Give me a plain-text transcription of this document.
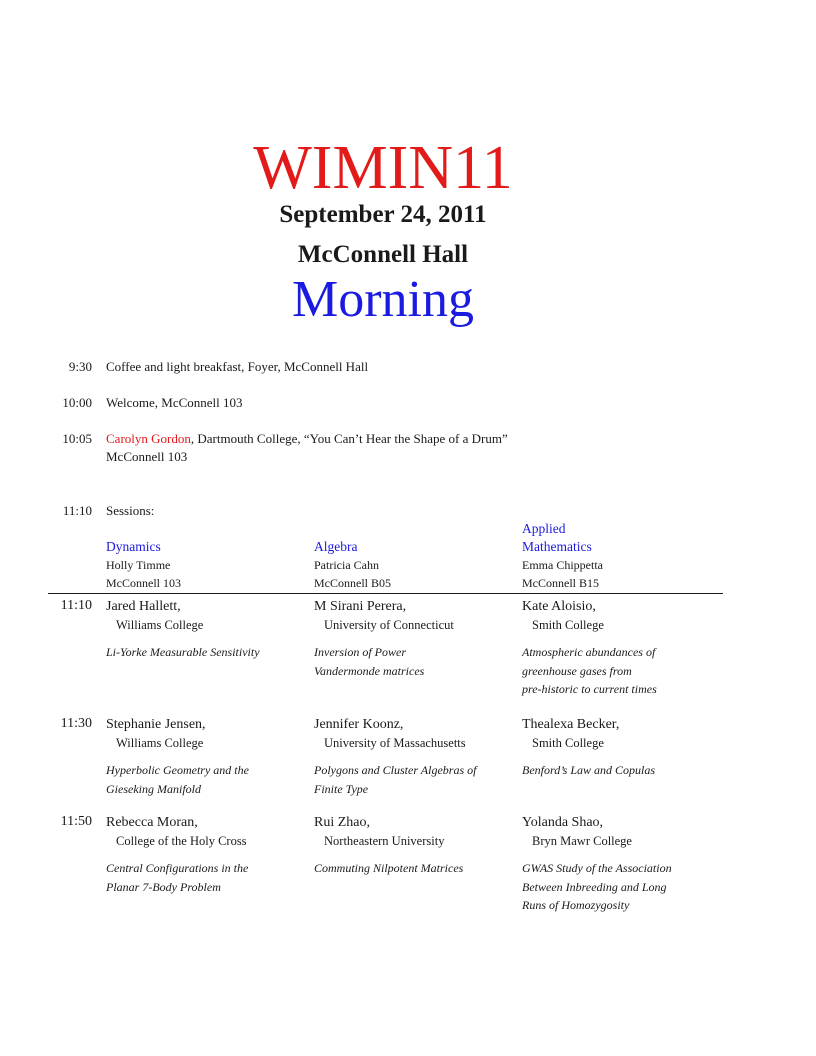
WIMIN11
September 24, 2011
McConnell Hall
Morning
9:30 Coffee and light breakfast, Foyer, McConnell Hall
10:00 Welcome, McConnell 103
10:05 Carolyn Gordon, Dartmouth College, “You Can’t Hear the Shape of a Drum”
McConnell 103
11:10 Sessions:

Dynamics
Holly Timme
McConnell 103

Algebra
Patricia Cahn
McConnell B05
Applied
Mathematics
Emma Chippetta
McConnell B15
11:10 Jared Hallett,
Williams College
Li-Yorke Measurable Sensitivity
M Sirani Perera,
University of Connecticut
Inversion of Power
Vandermonde matrices
Kate Aloisio,
Smith College
Atmospheric abundances of
greenhouse gases from
pre-historic to current times
11:30 Stephanie Jensen,
Williams College
Hyperbolic Geometry and the
Gieseking Manifold
Jennifer Koonz,
University of Massachusetts
Polygons and Cluster Algebras of
Finite Type
Thealexa Becker,
Smith College
Benford’s Law and Copulas
11:50 Rebecca Moran,
College of the Holy Cross
Central Configurations in the
Planar 7-Body Problem
Rui Zhao,
Northeastern University
Commuting Nilpotent Matrices
Yolanda Shao,
Bryn Mawr College
GWAS Study of the Association
Between Inbreeding and Long
Runs of Homozygosity
